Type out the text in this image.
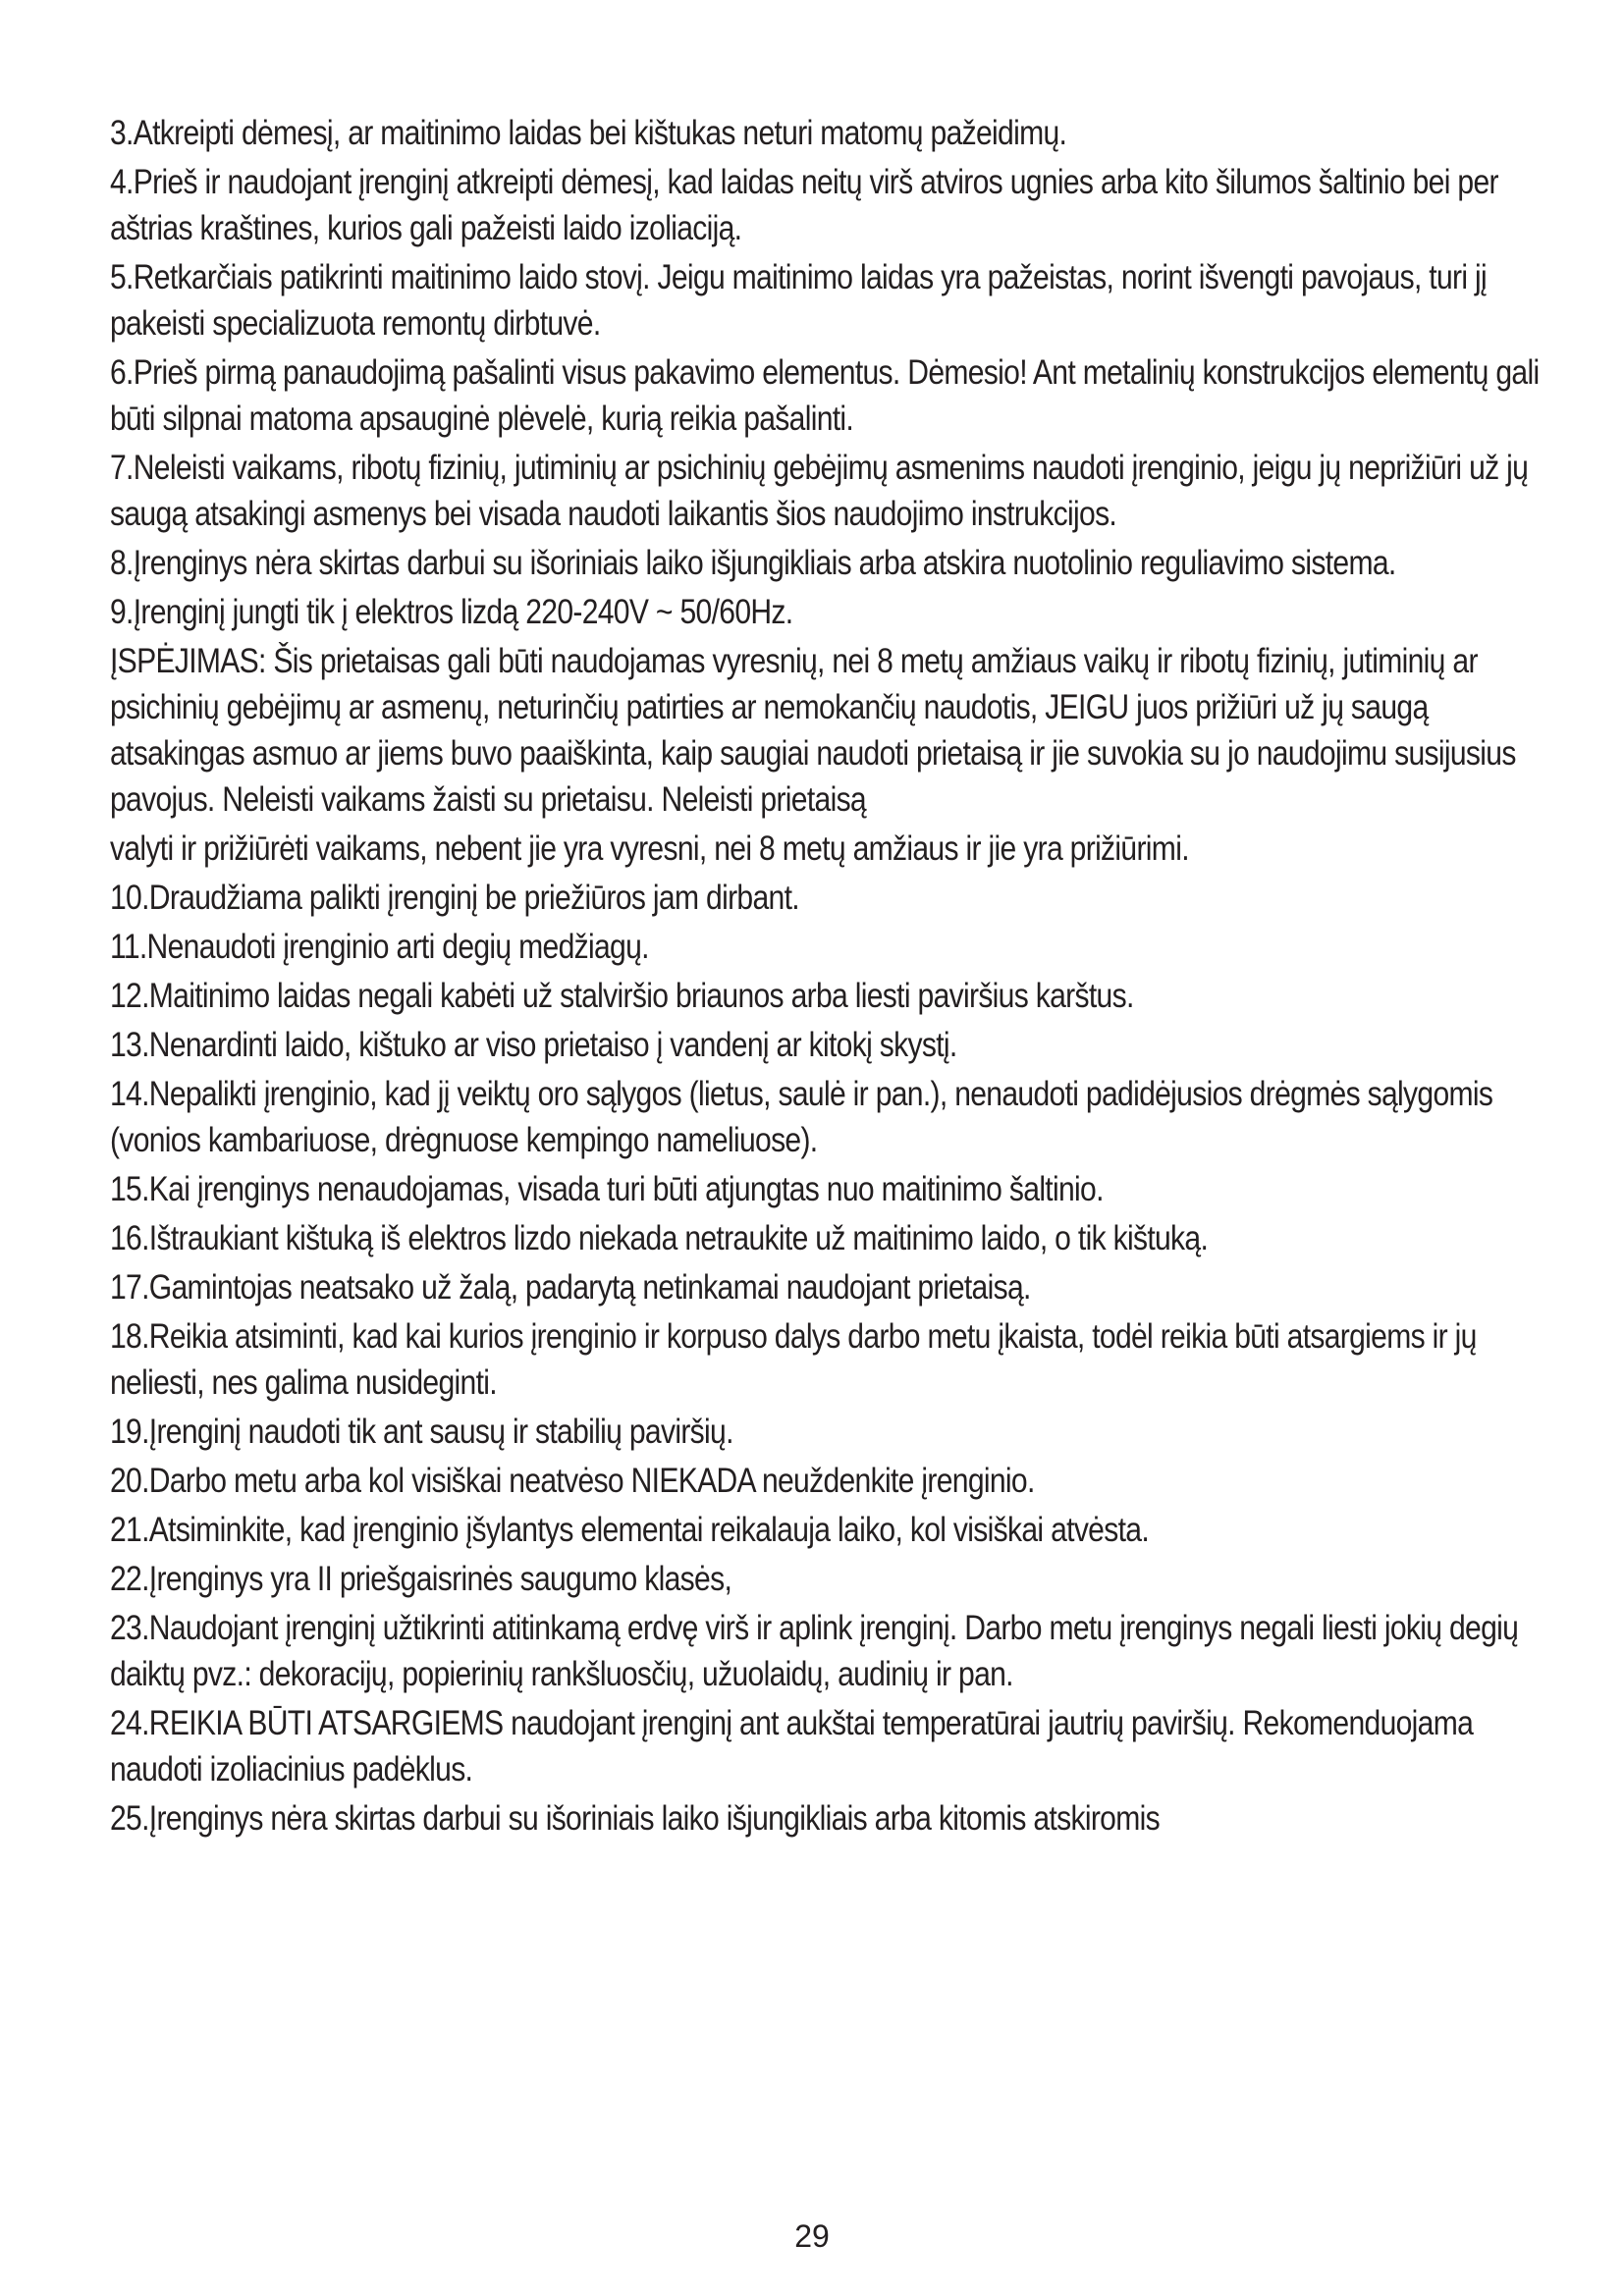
3.Atkreipti dėmesį, ar maitinimo laidas bei kištukas neturi matomų pažeidimų.

4.Prieš ir naudojant įrenginį atkreipti dėmesį, kad laidas neitų virš atviros ugnies arba kito šilumos šaltinio bei per aštrias kraštines, kurios gali pažeisti laido izoliaciją.

5.Retkarčiais patikrinti maitinimo laido stovį. Jeigu maitinimo laidas yra pažeistas, norint išvengti pavojaus, turi jį pakeisti specializuota remontų dirbtuvė.

6.Prieš pirmą panaudojimą pašalinti visus pakavimo elementus. Dėmesio! Ant metalinių konstrukcijos elementų gali būti silpnai matoma apsauginė plėvelė, kurią reikia pašalinti.

7.Neleisti vaikams, ribotų fizinių, jutiminių ar psichinių gebėjimų asmenims naudoti įrenginio, jeigu jų neprižiūri už jų saugą atsakingi asmenys bei visada naudoti laikantis šios naudojimo instrukcijos.

8.Įrenginys nėra skirtas darbui su išoriniais laiko išjungikliais arba atskira nuotolinio reguliavimo sistema.

9.Įrenginį jungti tik į elektros lizdą 220-240V ~ 50/60Hz.

ĮSPĖJIMAS: Šis prietaisas gali būti naudojamas vyresnių, nei 8 metų amžiaus vaikų ir ribotų fizinių, jutiminių ar psichinių gebėjimų ar asmenų, neturinčių patirties ar nemokančių naudotis, JEIGU juos prižiūri už jų saugą atsakingas asmuo ar jiems buvo paaiškinta, kaip saugiai naudoti prietaisą ir jie suvokia su jo naudojimu susijusius pavojus. Neleisti vaikams žaisti su prietaisu. Neleisti prietaisą

valyti ir prižiūrėti vaikams, nebent jie yra vyresni, nei 8 metų amžiaus ir jie yra prižiūrimi.

10.Draudžiama palikti įrenginį be priežiūros jam dirbant.

11.Nenaudoti įrenginio arti degių medžiagų.

12.Maitinimo laidas negali kabėti už stalviršio briaunos arba liesti paviršius karštus.

13.Nenardinti laido, kištuko ar viso prietaiso į vandenį ar kitokį skystį.

14.Nepalikti įrenginio, kad jį veiktų oro sąlygos (lietus, saulė ir pan.), nenaudoti padidėjusios drėgmės sąlygomis (vonios kambariuose, drėgnuose kempingo nameliuose).

15.Kai įrenginys nenaudojamas, visada turi būti atjungtas nuo maitinimo šaltinio.

16.Ištraukiant kištuką iš elektros lizdo niekada netraukite už maitinimo laido, o tik kištuką.

17.Gamintojas neatsako už žalą, padarytą netinkamai naudojant prietaisą.

18.Reikia atsiminti, kad kai kurios įrenginio ir korpuso dalys darbo metu įkaista, todėl reikia būti atsargiems ir jų neliesti, nes galima nusideginti.

19.Įrenginį naudoti tik ant sausų ir stabilių paviršių.

20.Darbo metu arba kol visiškai neatvėso NIEKADA neuždenkite įrenginio.

21.Atsiminkite, kad įrenginio įšylantys elementai reikalauja laiko, kol visiškai atvėsta.

22.Įrenginys yra II priešgaisrinės saugumo klasės,

23.Naudojant įrenginį užtikrinti atitinkamą erdvę virš ir aplink įrenginį. Darbo metu įrenginys negali liesti jokių degių daiktų pvz.: dekoracijų, popierinių rankšluosčių, užuolaidų, audinių ir pan.

24.REIKIA BŪTI ATSARGIEMS naudojant įrenginį ant aukštai temperatūrai jautrių paviršių. Rekomenduojama naudoti izoliacinius padėklus.

25.Įrenginys nėra skirtas darbui su išoriniais laiko išjungikliais arba kitomis atskiromis

29
